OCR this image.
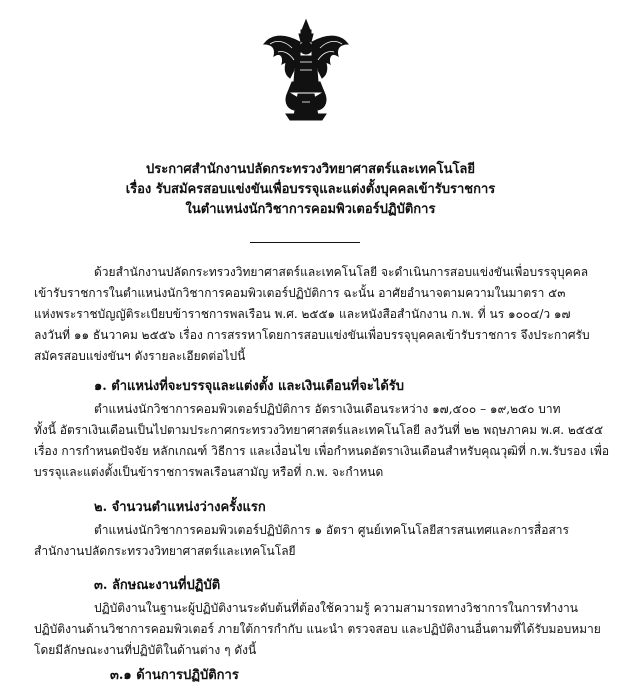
ประกาศสำนักงานปลัดกระทรวงวิทยาศาสตร์และเทคโนโลยี
เรื่อง รับสมัครสอบแข่งขันเพื่อบรรจุและแต่งตั้งบุคคลเข้ารับราชการ
ในตำแหน่งนักวิชาการคอมพิวเตอร์ปฏิบัติการ
ด้วยสำนักงานปลัดกระทรวงวิทยาศาสตร์และเทคโนโลยี จะดำเนินการสอบแข่งขันเพื่อบรรจุบุคคล
เข้ารับราชการในตำแหน่งนักวิชาการคอมพิวเตอร์ปฏิบัติการ ฉะนั้น อาศัยอำนาจตามความในมาตรา ๕๓
แห่งพระราชบัญญัติระเบียบข้าราชการพลเรือน พ.ศ. ๒๕๕๑ และหนังสือสำนักงาน ก.พ. ที่ นร ๑๐๐๔/ว ๑๗
ลงวันที่ ๑๑ ธันวาคม ๒๕๕๖ เรื่อง การสรรหาโดยการสอบแข่งขันเพื่อบรรจุบุคคลเข้ารับราชการ จึงประกาศรับ
สมัครสอบแข่งขันฯ ดังรายละเอียดต่อไปนี้
๑. ตำแหน่งที่จะบรรจุและแต่งตั้ง และเงินเดือนที่จะได้รับ
ตำแหน่งนักวิชาการคอมพิวเตอร์ปฏิบัติการ อัตราเงินเดือนระหว่าง ๑๗,๕๐๐ – ๑๙,๒๕๐ บาท
ทั้งนี้ อัตราเงินเดือนเป็นไปตามประกาศกระทรวงวิทยาศาสตร์และเทคโนโลยี ลงวันที่ ๒๒ พฤษภาคม พ.ศ. ๒๕๕๕
เรื่อง การกำหนดปัจจัย หลักเกณฑ์ วิธีการ และเงื่อนไข เพื่อกำหนดอัตราเงินเดือนสำหรับคุณวุฒิที่ ก.พ.รับรอง เพื่อ
บรรจุและแต่งตั้งเป็นข้าราชการพลเรือนสามัญ หรือที่ ก.พ. จะกำหนด
๒. จำนวนตำแหน่งว่างครั้งแรก
ตำแหน่งนักวิชาการคอมพิวเตอร์ปฏิบัติการ ๑ อัตรา ศูนย์เทคโนโลยีสารสนเทศและการสื่อสาร
สำนักงานปลัดกระทรวงวิทยาศาสตร์และเทคโนโลยี
๓. ลักษณะงานที่ปฏิบัติ
ปฏิบัติงานในฐานะผู้ปฏิบัติงานระดับต้นที่ต้องใช้ความรู้ ความสามารถทางวิชาการในการทำงาน
ปฏิบัติงานด้านวิชาการคอมพิวเตอร์ ภายใต้การกำกับ แนะนำ ตรวจสอบ และปฏิบัติงานอื่นตามที่ได้รับมอบหมาย
โดยมีลักษณะงานที่ปฏิบัติในด้านต่าง ๆ ดังนี้
๓.๑ ด้านการปฏิบัติการ
